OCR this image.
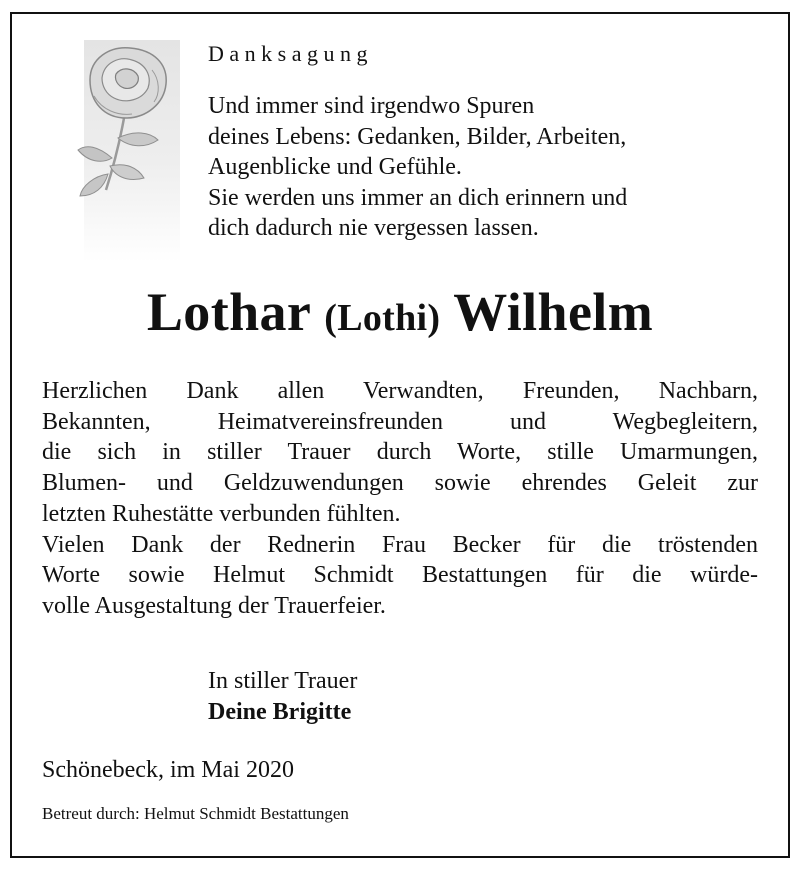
Danksagung
Und immer sind irgendwo Spuren
deines Lebens: Gedanken, Bilder, Arbeiten,
Augenblicke und Gefühle.
Sie werden uns immer an dich erinnern und
dich dadurch nie vergessen lassen.
Lothar (Lothi) Wilhelm
Herzlichen Dank allen Verwandten, Freunden, Nachbarn,
Bekannten, Heimatvereinsfreunden und Wegbegleitern,
die sich in stiller Trauer durch Worte, stille Umarmungen,
Blumen- und Geldzuwendungen sowie ehrendes Geleit zur
letzten Ruhestätte verbunden fühlten.
Vielen Dank der Rednerin Frau Becker für die tröstenden
Worte sowie Helmut Schmidt Bestattungen für die würde-
volle Ausgestaltung der Trauerfeier.
In stiller Trauer
Deine Brigitte
Schönebeck, im Mai 2020
Betreut durch: Helmut Schmidt Bestattungen
